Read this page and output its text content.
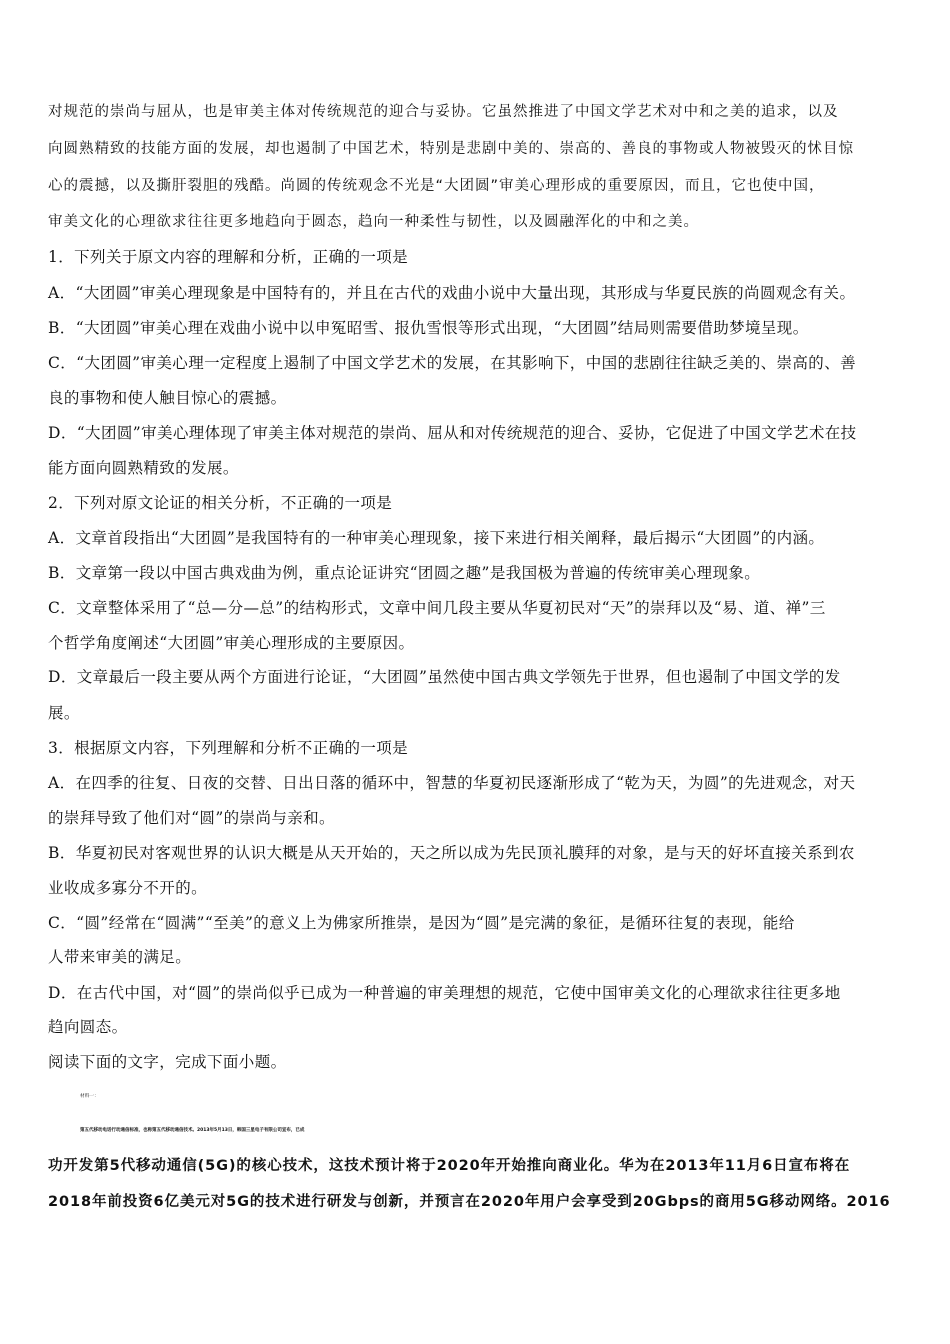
对规范的崇尚与屈从，也是审美主体对传统规范的迎合与妥协。它虽然推进了中国文学艺术对中和之美的追求，以及
向圆熟精致的技能方面的发展，却也遏制了中国艺术，特别是悲剧中美的、崇高的、善良的事物或人物被毁灭的怵目惊
心的震撼，以及撕肝裂胆的残酷。尚圆的传统观念不光是“大团圆”审美心理形成的重要原因，而且，它也使中国，
审美文化的心理欲求往往更多地趋向于圆态，趋向一种柔性与韧性，以及圆融浑化的中和之美。
1．下列关于原文内容的理解和分析，正确的一项是
A．“大团圆”审美心理现象是中国特有的，并且在古代的戏曲小说中大量出现，其形成与华夏民族的尚圆观念有关。
B．“大团圆”审美心理在戏曲小说中以申冤昭雪、报仇雪恨等形式出现，“大团圆”结局则需要借助梦境呈现。
C．“大团圆”审美心理一定程度上遏制了中国文学艺术的发展，在其影响下，中国的悲剧往往缺乏美的、崇高的、善
良的事物和使人触目惊心的震撼。
D．“大团圆”审美心理体现了审美主体对规范的崇尚、屈从和对传统规范的迎合、妥协，它促进了中国文学艺术在技
能方面向圆熟精致的发展。
2．下列对原文论证的相关分析，不正确的一项是
A．文章首段指出“大团圆”是我国特有的一种审美心理现象，接下来进行相关阐释，最后揭示“大团圆”的内涵。
B．文章第一段以中国古典戏曲为例，重点论证讲究“团圆之趣”是我国极为普遍的传统审美心理现象。
C．文章整体采用了“总—分—总”的结构形式，文章中间几段主要从华夏初民对“天”的崇拜以及“易、道、禅”三
个哲学角度阐述“大团圆”审美心理形成的主要原因。
D．文章最后一段主要从两个方面进行论证，“大团圆”虽然使中国古典文学领先于世界，但也遏制了中国文学的发
展。
3．根据原文内容，下列理解和分析不正确的一项是
A．在四季的往复、日夜的交替、日出日落的循环中，智慧的华夏初民逐渐形成了“乾为天，为圆”的先进观念，对天
的崇拜导致了他们对“圆”的崇尚与亲和。
B．华夏初民对客观世界的认识大概是从天开始的，天之所以成为先民顶礼膜拜的对象，是与天的好坏直接关系到农
业收成多寡分不开的。
C．“圆”经常在“圆满”“至美”的意义上为佛家所推崇，是因为“圆”是完满的象征，是循环往复的表现，能给
人带来审美的满足。
D．在古代中国，对“圆”的崇尚似乎已成为一种普遍的审美理想的规范，它使中国审美文化的心理欲求往往更多地
趋向圆态。
阅读下面的文字，完成下面小题。
材料一：
第五代移动电话行动通信标准，也称第五代移动通信技术。2013年5月13日，韩国三星电子有限公司宣布，已成
功开发第5代移动通信(5G)的核心技术，这技术预计将于2020年开始推向商业化。华为在2013年11月6日宣布将在
2018年前投资6亿美元对5G的技术进行研发与创新，并预言在2020年用户会享受到20Gbps的商用5G移动网络。2016
